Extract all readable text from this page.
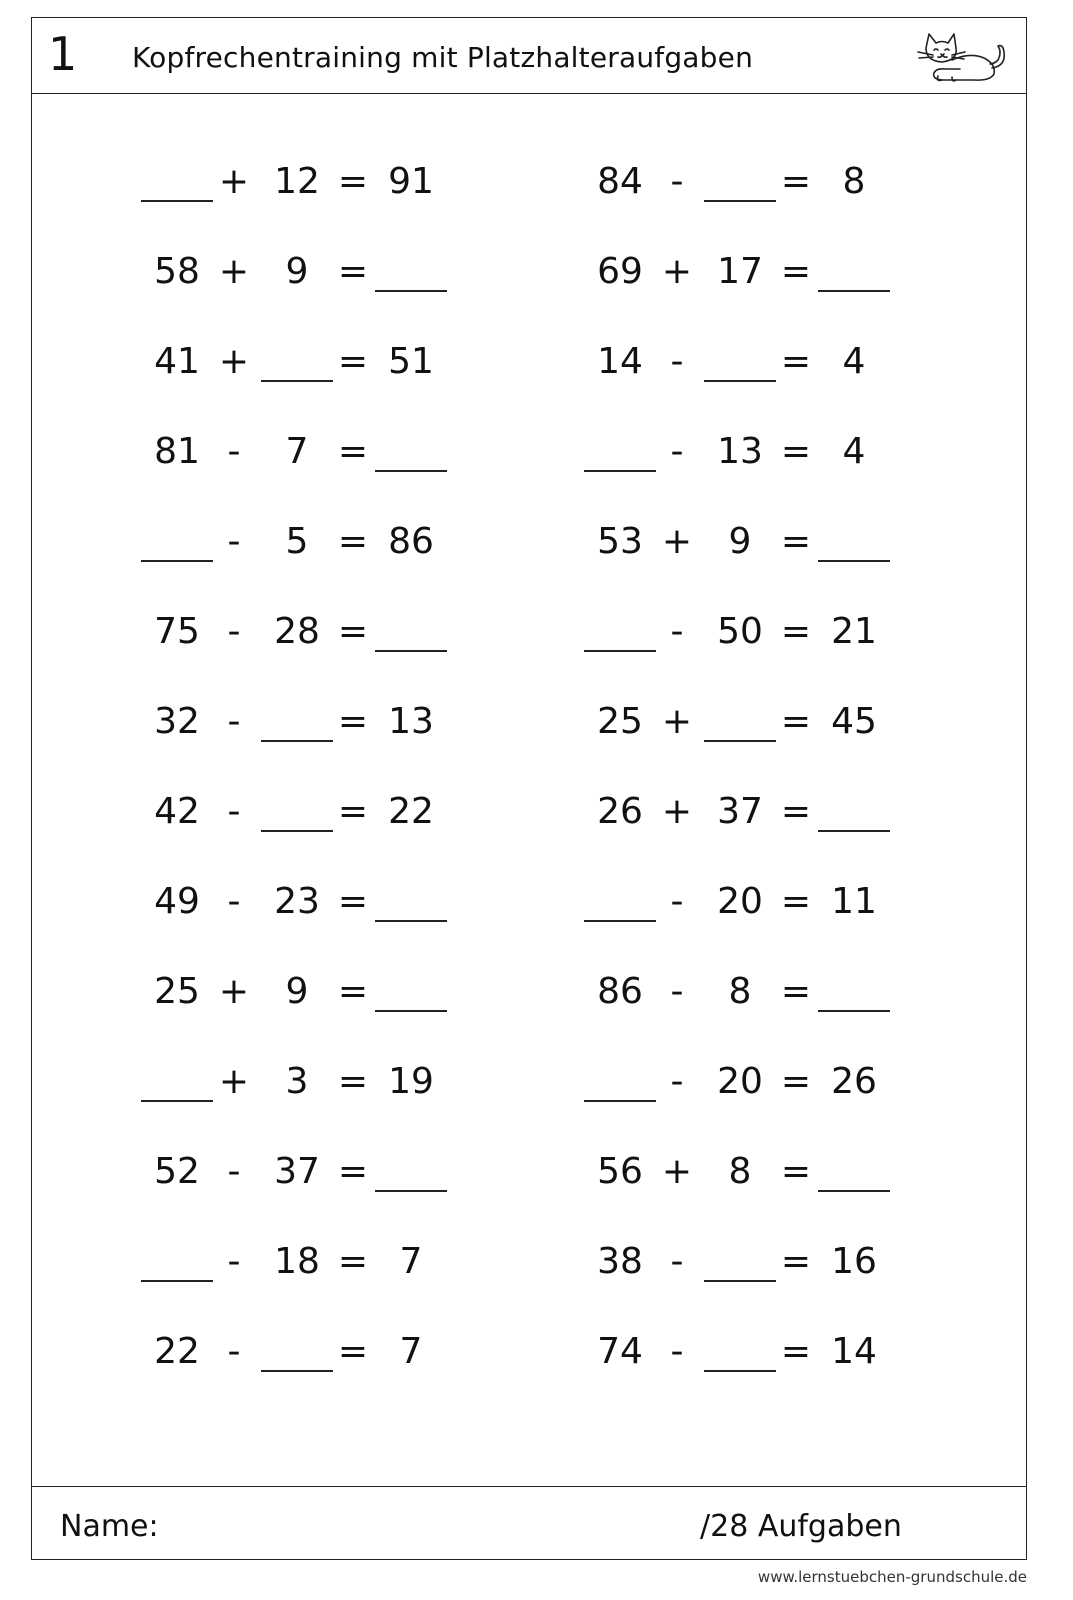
1 Kopfrechentraining mit Platzhalteraufgaben
+ 12 = 91
58 +	9 =
41 + = 51
81 -	7 =
-	5 = 86
75 - 28 =
32 -	= 13
42 -	= 22
49 - 23 =
25 +	9 =
+	3 = 19
52 - 37 =
- 18 = 7
22 -	= 7
84 -	= 8
69 + 17 =
14 -	= 4
- 13 = 4
53 +	9 =
- 50 = 21
25 + = 45
26 + 37 =
- 20 = 11
86 -	8 =
- 20 = 26
56 +	8 =
38 -	= 16
74 -	= 14
Name:	/28 Aufgaben
www.lernstuebchen-grundschule.de
